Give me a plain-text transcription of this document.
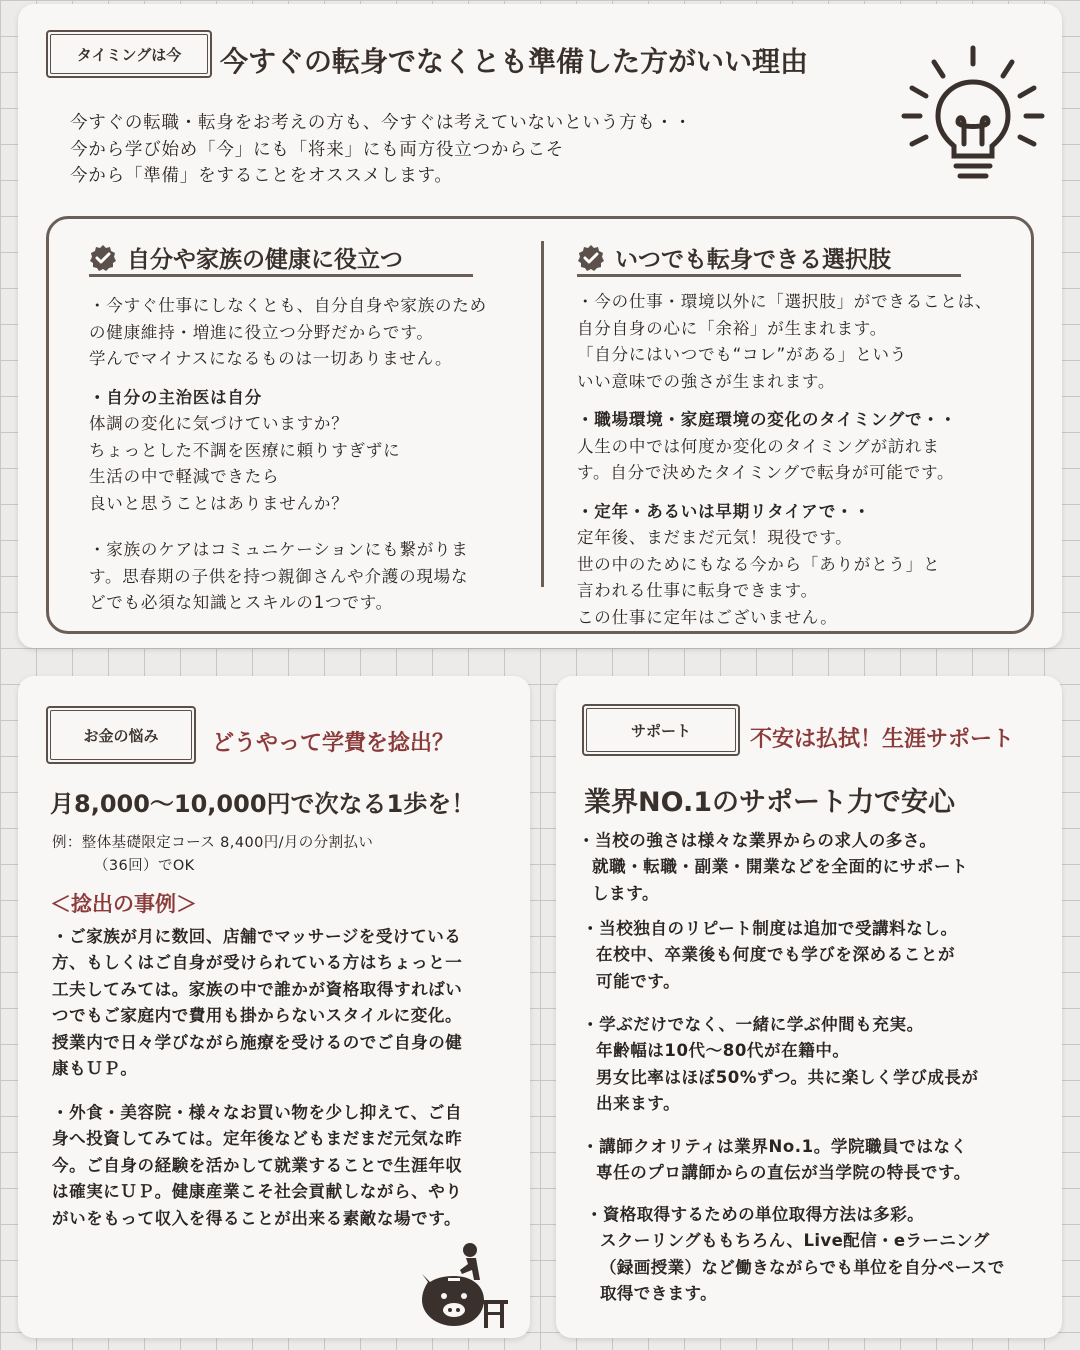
タイミングは今	今すぐの転身でなくとも準備した方がいい理由
今すぐの転職・転身をお考えの方も、今すぐは考えていないという方も・・
今から学び始め「今」にも「将来」にも両方役立つからこそ
今から「準備」をすることをオススメします。
自分や家族の健康に役立つ
・今すぐ仕事にしなくとも、自分自身や家族のため
の健康維持・増進に役立つ分野だからです。
学んでマイナスになるものは一切ありません。
・自分の主治医は自分
体調の変化に気づけていますか？
ちょっとした不調を医療に頼りすぎずに
生活の中で軽減できたら
良いと思うことはありませんか？
・家族のケアはコミュニケーションにも繋がりま
す。思春期の子供を持つ親御さんや介護の現場な
どでも必須な知識とスキルの1つです。
いつでも転身できる選択肢
・今の仕事・環境以外に「選択肢」ができることは、
自分自身の心に「余裕」が生まれます。
「自分にはいつでも“コレ”がある」という
いい意味での強さが生まれます。
・職場環境・家庭環境の変化のタイミングで・・
人生の中では何度か変化のタイミングが訪れま
す。自分で決めたタイミングで転身が可能です。
・定年・あるいは早期リタイアで・・
定年後、まだまだ元気！現役です。
世の中のためにもなる今から「ありがとう」と
言われる仕事に転身できます。
この仕事に定年はございません。
お金の悩み	どうやって学費を捻出？
月8,000〜10,000円で次なる1歩を！
例：整体基礎限定コース 8,400円/月の分割払い
（36回）でOK
＜捻出の事例＞
・ご家族が月に数回、店舗でマッサージを受けている
方、もしくはご自身が受けられている方はちょっと一
工夫してみては。家族の中で誰かが資格取得すればい
つでもご家庭内で費用も掛からないスタイルに変化。
授業内で日々学びながら施療を受けるのでご自身の健
康もＵＰ。
・外食・美容院・様々なお買い物を少し抑えて、ご自
身へ投資してみては。定年後などもまだまだ元気な昨
今。ご自身の経験を活かして就業することで生涯年収
は確実にＵＰ。健康産業こそ社会貢献しながら、やり
がいをもって収入を得ることが出来る素敵な場です。
サポート	不安は払拭！生涯サポート
業界NO.1のサポート力で安心
・当校の強さは様々な業界からの求人の多さ。
就職・転職・副業・開業などを全面的にサポート
します。
・当校独自のリピート制度は追加で受講料なし。
在校中、卒業後も何度でも学びを深めることが
可能です。
・学ぶだけでなく、一緒に学ぶ仲間も充実。
年齢幅は10代〜80代が在籍中。
男女比率はほぼ50%ずつ。共に楽しく学び成長が
出来ます。
・講師クオリティは業界No.1。学院職員ではなく
専任のプロ講師からの直伝が当学院の特長です。
・資格取得するための単位取得方法は多彩。
スクーリングももちろん、Live配信・eラーニング
（録画授業）など働きながらでも単位を自分ペースで
取得できます。
